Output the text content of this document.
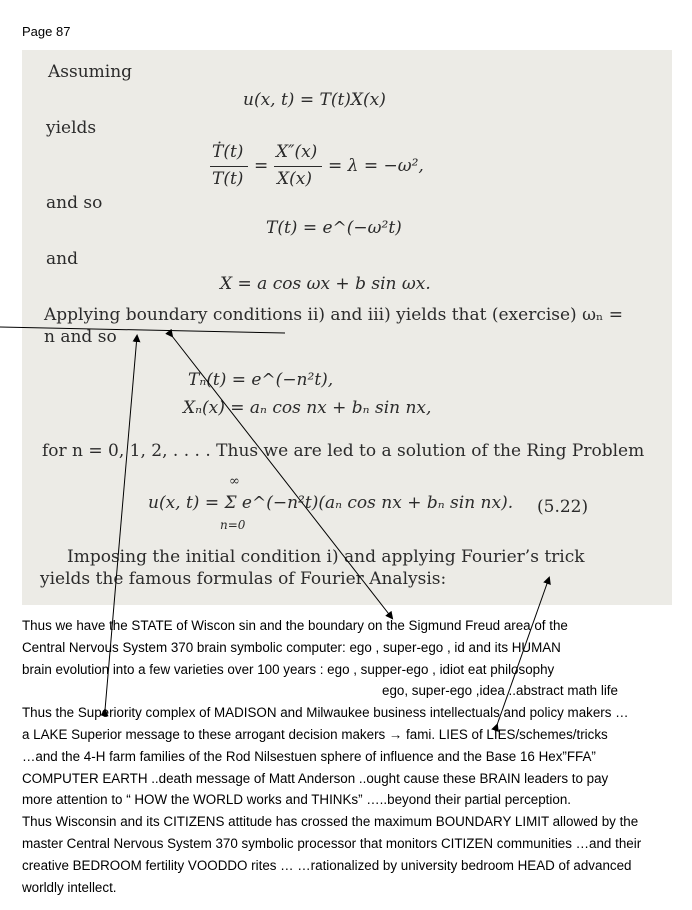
Page 87
Assuming
u(x, t) = T(t)X(x)
yields
Ṫ(t)
T(t)
=
X″(x)
X(x)
= λ = −ω²,
and so
T(t) = e^(−ω²t)
and
X = a cos ωx + b sin ωx.
Applying boundary conditions ii) and iii) yields that (exercise) ωₙ =
n and so
Tₙ(t) = e^(−n²t),
Xₙ(x) = aₙ cos nx + bₙ sin nx,
for n = 0, 1, 2, . . . . Thus we are led to a solution of the Ring Problem
∞
u(x, t) = Σ e^(−n²t)(aₙ cos nx + bₙ sin nx).
n=0
(5.22)
Imposing the initial condition i) and applying Fourier’s trick
yields the famous formulas of Fourier Analysis:
Thus we have the STATE of Wiscon sin and the boundary on the Sigmund Freud area of the
Central Nervous System 370 brain symbolic computer: ego , super-ego , id and its HUMAN
brain evolution into a few varieties over 100 years : ego , supper-ego , idiot eat philosophy
ego, super-ego ,idea ..abstract math life
Thus the Superiority complex of MADISON and Milwaukee business intellectuals and policy makers …
a LAKE Superior message to these arrogant decision makers → fami. LIES of LIES/schemes/tricks
…and the 4-H farm families of the Rod Nilsestuen sphere of influence and the Base 16 Hex”FFA”
COMPUTER EARTH ..death message of Matt Anderson ..ought cause these BRAIN leaders to pay
more attention to “ HOW the WORLD works and THINKs” …..beyond their partial perception.
Thus Wisconsin and its CITIZENS attitude has crossed the maximum BOUNDARY LIMIT allowed by the
master Central Nervous System 370 symbolic processor that monitors CITIZEN communities …and their
creative BEDROOM fertility VOODDO rites … …rationalized by university bedroom HEAD of advanced
worldly intellect.
